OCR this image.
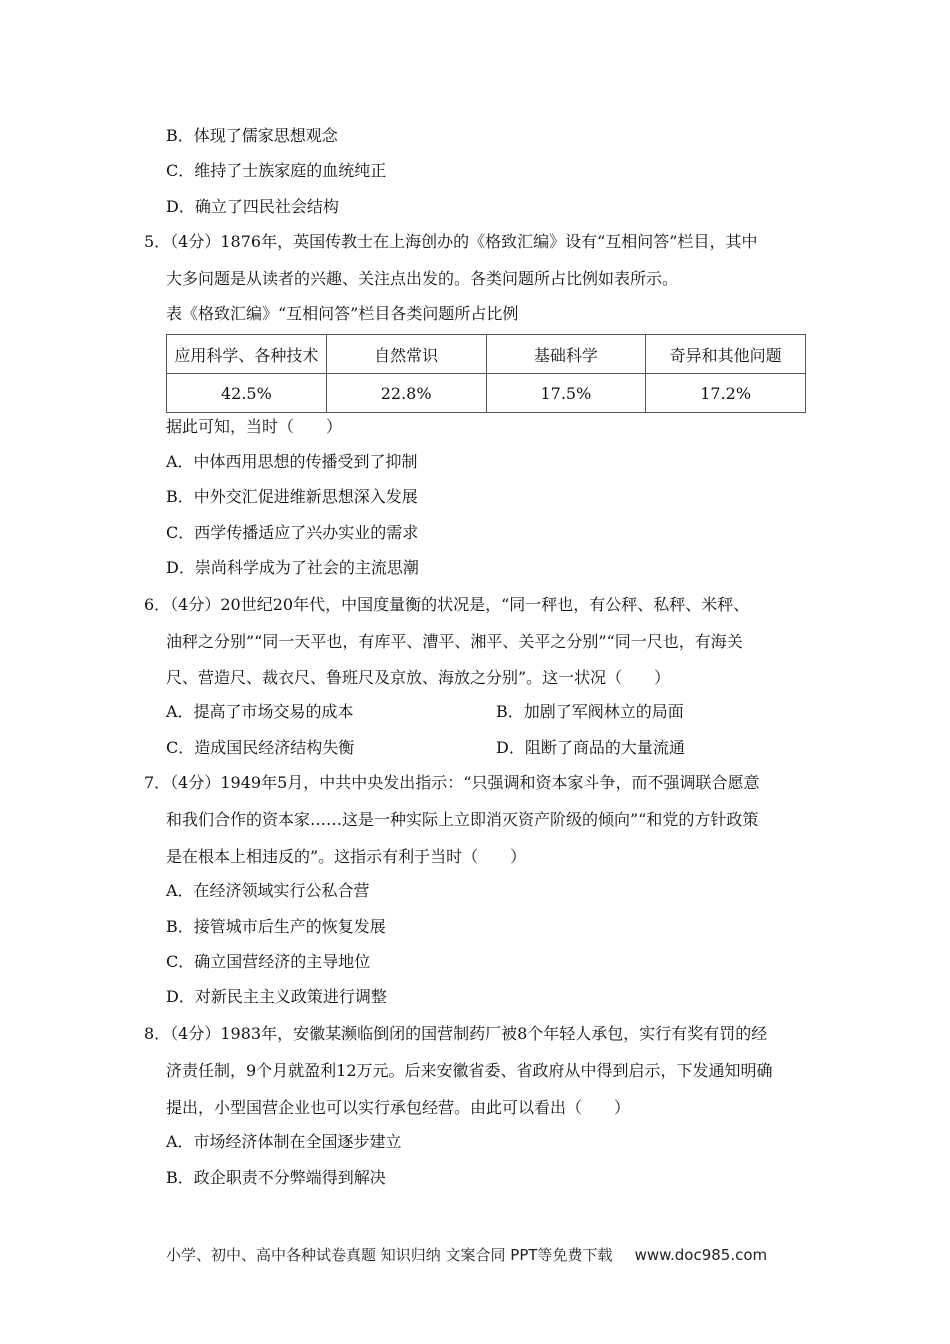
B．体现了儒家思想观念
C．维持了士族家庭的血统纯正
D．确立了四民社会结构
5．（4分）1876年，英国传教士在上海创办的《格致汇编》设有“互相问答”栏目，其中
大多问题是从读者的兴趣、关注点出发的。各类问题所占比例如表所示。
表《格致汇编》“互相问答”栏目各类问题所占比例
应用科学、各种技术	自然常识	基础科学	奇异和其他问题
42.5%	22.8%	17.5%	17.2%
据此可知，当时（　　）
A．中体西用思想的传播受到了抑制
B．中外交汇促进维新思想深入发展
C．西学传播适应了兴办实业的需求
D．崇尚科学成为了社会的主流思潮
6．（4分）20世纪20年代，中国度量衡的状况是，“同一秤也，有公秤、私秤、米秤、
油秤之分别”“同一天平也，有库平、漕平、湘平、关平之分别”“同一尺也，有海关
尺、营造尺、裁衣尺、鲁班尺及京放、海放之分别”。这一状况（　　）
A．提高了市场交易的成本	B．加剧了军阀林立的局面
C．造成国民经济结构失衡	D．阻断了商品的大量流通
7．（4分）1949年5月，中共中央发出指示：“只强调和资本家斗争，而不强调联合愿意
和我们合作的资本家……这是一种实际上立即消灭资产阶级的倾向”“和党的方针政策
是在根本上相违反的”。这指示有利于当时（　　）
A．在经济领域实行公私合营
B．接管城市后生产的恢复发展
C．确立国营经济的主导地位
D．对新民主主义政策进行调整
8．（4分）1983年，安徽某濒临倒闭的国营制药厂被8个年轻人承包，实行有奖有罚的经
济责任制，9个月就盈利12万元。后来安徽省委、省政府从中得到启示，下发通知明确
提出，小型国营企业也可以实行承包经营。由此可以看出（　　）
A．市场经济体制在全国逐步建立
B．政企职责不分弊端得到解决
小学、初中、高中各种试卷真题 知识归纳 文案合同 PPT等免费下载 www.doc985.com
